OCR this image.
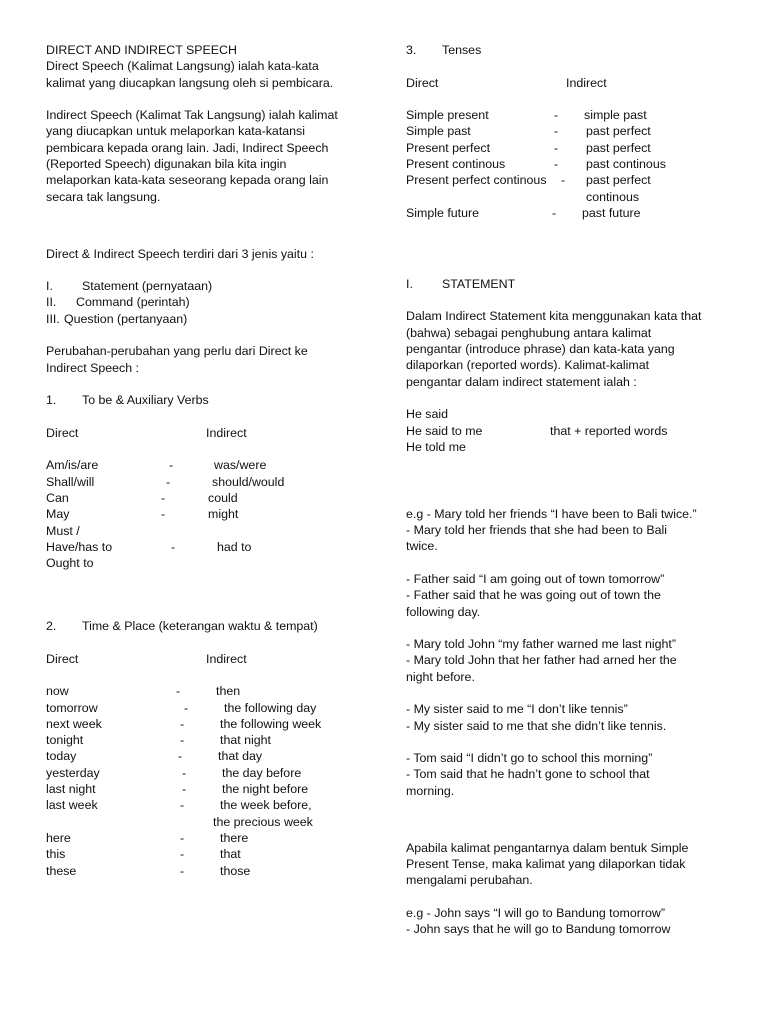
DIRECT AND INDIRECT SPEECH

Direct Speech (Kalimat Langsung) ialah kata-kata

kalimat yang diucapkan langsung oleh si pembicara.

Indirect Speech (Kalimat Tak Langsung) ialah kalimat

yang diucapkan untuk melaporkan kata-katansi

pembicara kepada orang lain. Jadi, Indirect Speech

(Reported Speech) digunakan bila kita ingin

melaporkan kata-kata seseorang kepada orang lain

secara tak langsung.

Direct & Indirect Speech terdiri dari 3 jenis yaitu :

I. Statement (pernyataan)

II. Command (perintah)

III. Question (pertanyaan)

Perubahan-perubahan yang perlu dari Direct ke

Indirect Speech :

1. To be & Auxiliary Verbs

Direct	Indirect
Am/is/are	-	was/were
Shall/will	-	should/would
Can	-	could
May	-	might
Must /
Have/has to	-	had to
Ought to

2. Time & Place (keterangan waktu & tempat)

Direct	Indirect
now	-	then
tomorrow	-	the following day
next week	-	the following week
tonight	-	that night
today	-	that day
yesterday	-	the day before
last night	-	the night before
last week	-	the week before,
the precious week
here	-	there
this	-	that
these	-	those

3. Tenses

Direct	Indirect
Simple present	- simple past
Simple past	- past perfect
Present perfect	- past perfect
Present continous	- past continous
Present perfect continous - past perfect
continous
Simple future	- past future

I. STATEMENT

Dalam Indirect Statement kita menggunakan kata that

(bahwa) sebagai penghubung antara kalimat

pengantar (introduce phrase) dan kata-kata yang

dilaporkan (reported words). Kalimat-kalimat

pengantar dalam indirect statement ialah :

He said
He said to me	that + reported words
He told me

e.g - Mary told her friends “I have been to Bali twice.”

- Mary told her friends that she had been to Bali

twice.

- Father said “I am going out of town tomorrow”

- Father said that he was going out of town the

following day.

- Mary told John “my father warned me last night”

- Mary told John that her father had arned her the

night before.

- My sister said to me “I don’t like tennis”

- My sister said to me that she didn’t like tennis.

- Tom said “I didn’t go to school this morning”

- Tom said that he hadn’t gone to school that

morning.

Apabila kalimat pengantarnya dalam bentuk Simple

Present Tense, maka kalimat yang dilaporkan tidak

mengalami perubahan.

e.g - John says “I will go to Bandung tomorrow”

- John says that he will go to Bandung tomorrow
